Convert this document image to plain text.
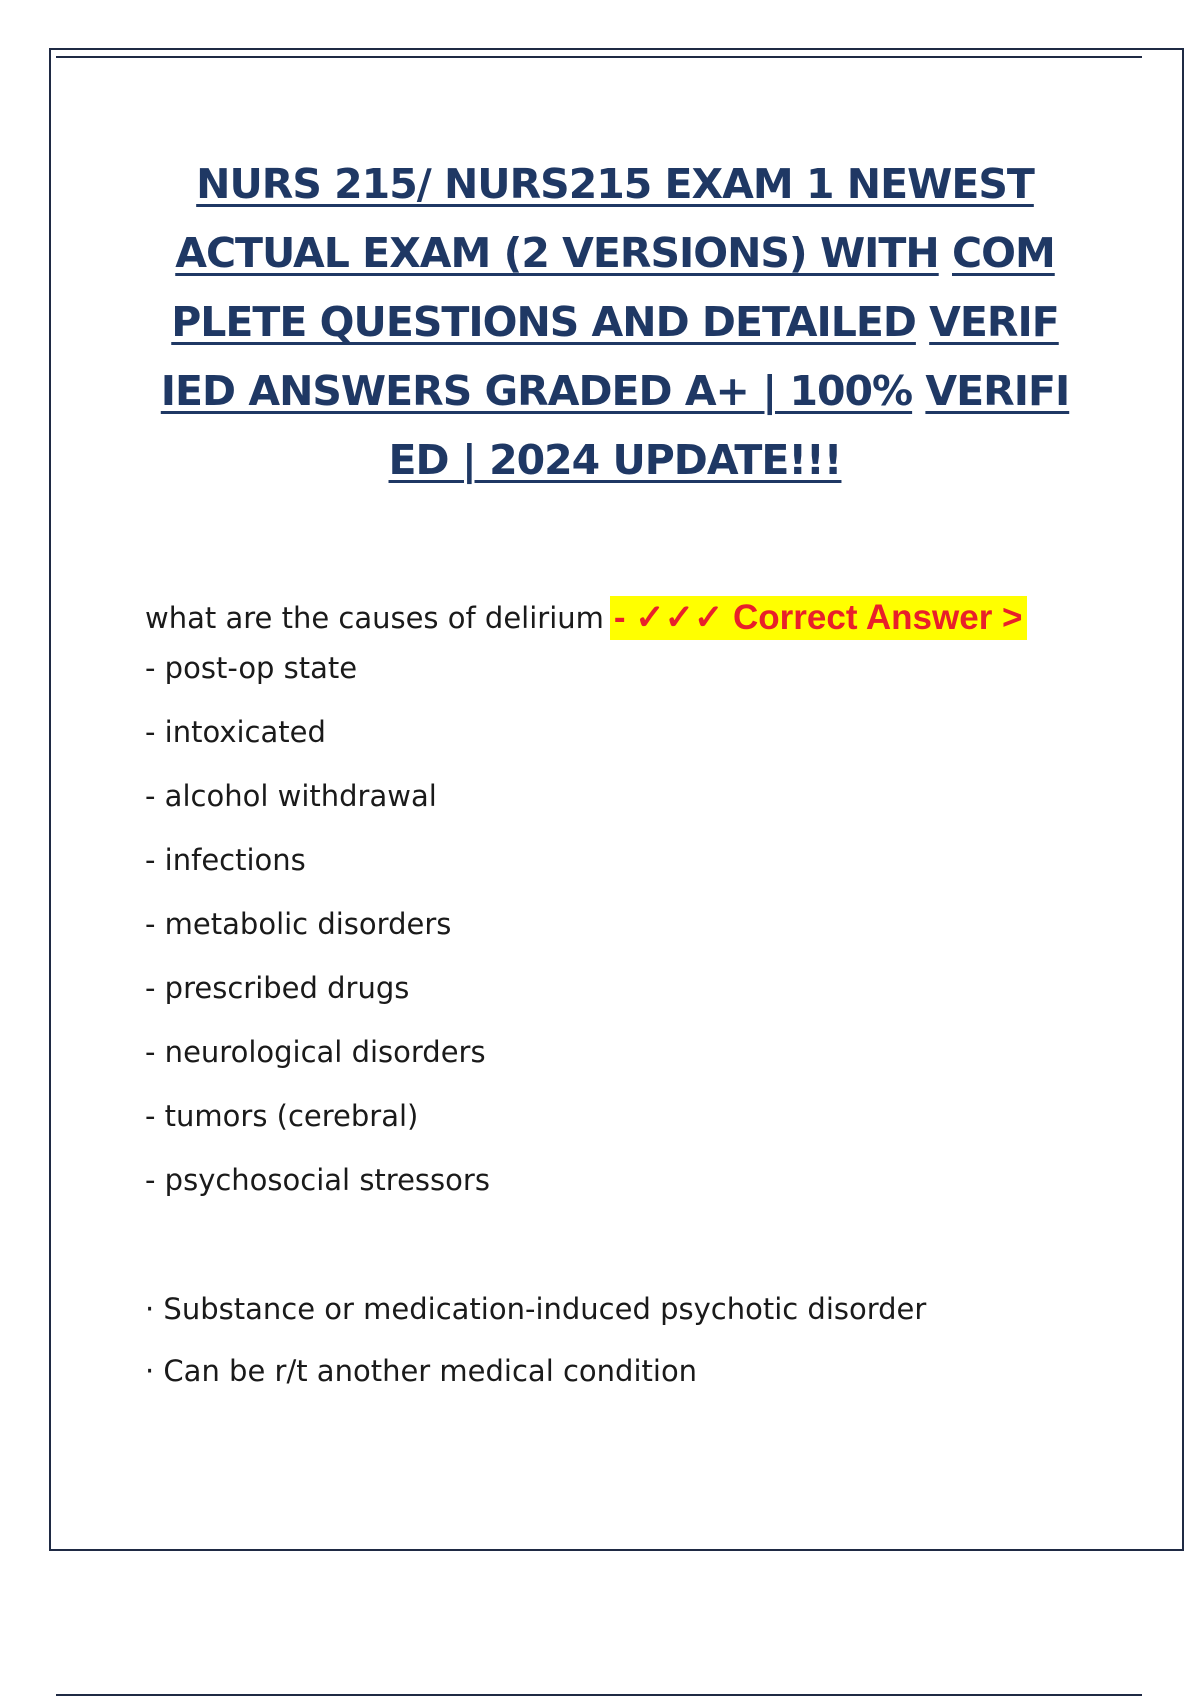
NURS 215/ NURS215 EXAM 1 NEWEST
ACTUAL EXAM (2 VERSIONS) WITH COM
PLETE QUESTIONS AND DETAILED VERIF
IED ANSWERS GRADED A+ | 100% VERIFI
ED | 2024 UPDATE!!!
what are the causes of delirium - ✓✓✓ Correct Answer >
- post-op state
- intoxicated
- alcohol withdrawal
- infections
- metabolic disorders
- prescribed drugs
- neurological disorders
- tumors (cerebral)
- psychosocial stressors
· Substance or medication-induced psychotic disorder
· Can be r/t another medical condition
